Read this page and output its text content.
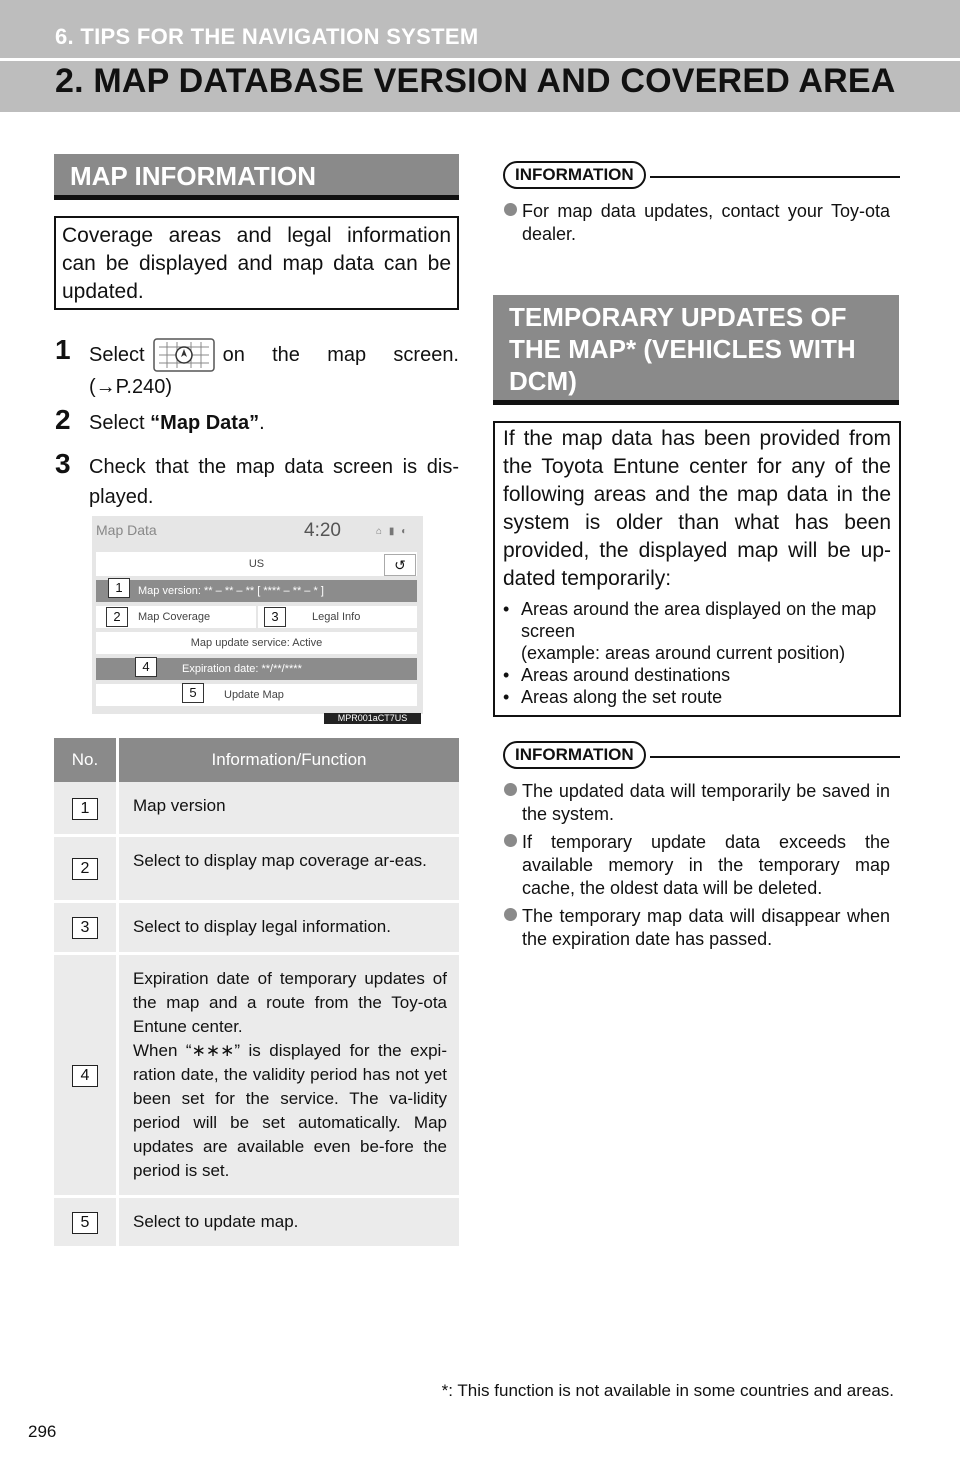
6. TIPS FOR THE NAVIGATION SYSTEM
2. MAP DATABASE VERSION AND COVERED AREA
MAP INFORMATION
Coverage areas and legal information can be displayed and map data can be updated.
1 Select	on the map screen.
(→P.240)
2 Select “Map Data”.
3 Check that the map data screen is dis-played.
Map Data	4:20	⌂ ▮ ◐
US	↺
Map version: ** – ** – ** [ **** – ** – * ]
Map Coverage	Legal Info
Map update service: Active
Expiration date: **/**/****
Update Map
1
2	3
4
5
MPR001aCT7US
No.	Information/Function
1	Map version
2	Select to display map coverage ar-eas.
3	Select to display legal information.
4	Expiration date of temporary updates of the map and a route from the Toy-ota Entune center.
When “∗∗∗” is displayed for the expi-ration date, the validity period has not yet been set for the service. The va-lidity period will be set automatically. Map updates are available even be-fore the period is set.
5	Select to update map.
INFORMATION
For map data updates, contact your Toy-ota dealer.
TEMPORARY UPDATES OF THE MAP* (VEHICLES WITH DCM)
If the map data has been provided from the Toyota Entune center for any of the following areas and the map data in the system is older than what has been provided, the displayed map will be up-dated temporarily:
• Areas around the area displayed on the map screen
(example: areas around current position)
• Areas around destinations
• Areas along the set route
INFORMATION
The updated data will temporarily be saved in the system.
If temporary update data exceeds the available memory in the temporary map cache, the oldest data will be deleted.
The temporary map data will disappear when the expiration date has passed.
*: This function is not available in some countries and areas.
296
